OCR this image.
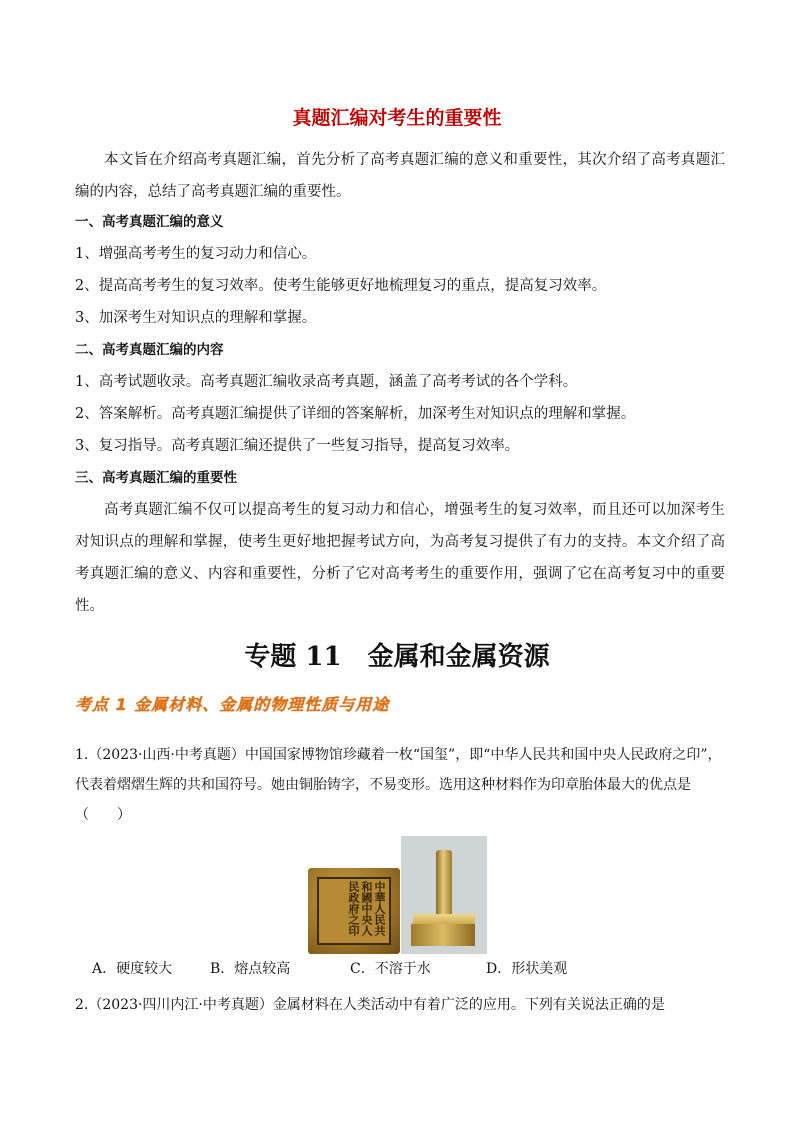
真题汇编对考生的重要性
本文旨在介绍高考真题汇编，首先分析了高考真题汇编的意义和重要性，其次介绍了高考真题汇编的内容，总结了高考真题汇编的重要性。
一、高考真题汇编的意义
1、增强高考考生的复习动力和信心。
2、提高高考考生的复习效率。使考生能够更好地梳理复习的重点，提高复习效率。
3、加深考生对知识点的理解和掌握。
二、高考真题汇编的内容
1、高考试题收录。高考真题汇编收录高考真题，涵盖了高考考试的各个学科。
2、答案解析。高考真题汇编提供了详细的答案解析，加深考生对知识点的理解和掌握。
3、复习指导。高考真题汇编还提供了一些复习指导，提高复习效率。
三、高考真题汇编的重要性
高考真题汇编不仅可以提高考生的复习动力和信心，增强考生的复习效率，而且还可以加深考生对知识点的理解和掌握，使考生更好地把握考试方向，为高考复习提供了有力的支持。本文介绍了高考真题汇编的意义、内容和重要性，分析了它对高考考生的重要作用，强调了它在高考复习中的重要性。
专题 11 金属和金属资源
考点 1 金属材料、金属的物理性质与用途
1.（2023·山西·中考真题）中国国家博物馆珍藏着一枚“国玺”，即“中华人民共和国中央人民政府之印”，代表着熠熠生辉的共和国符号。她由铜胎铸字，不易变形。选用这种材料作为印章胎体最大的优点是（　　）
中華人民共和國中央人民政府之印
A．硬度较大	B．熔点较高	C．不溶于水	D．形状美观
2.（2023·四川内江·中考真题）金属材料在人类活动中有着广泛的应用。下列有关说法正确的是
